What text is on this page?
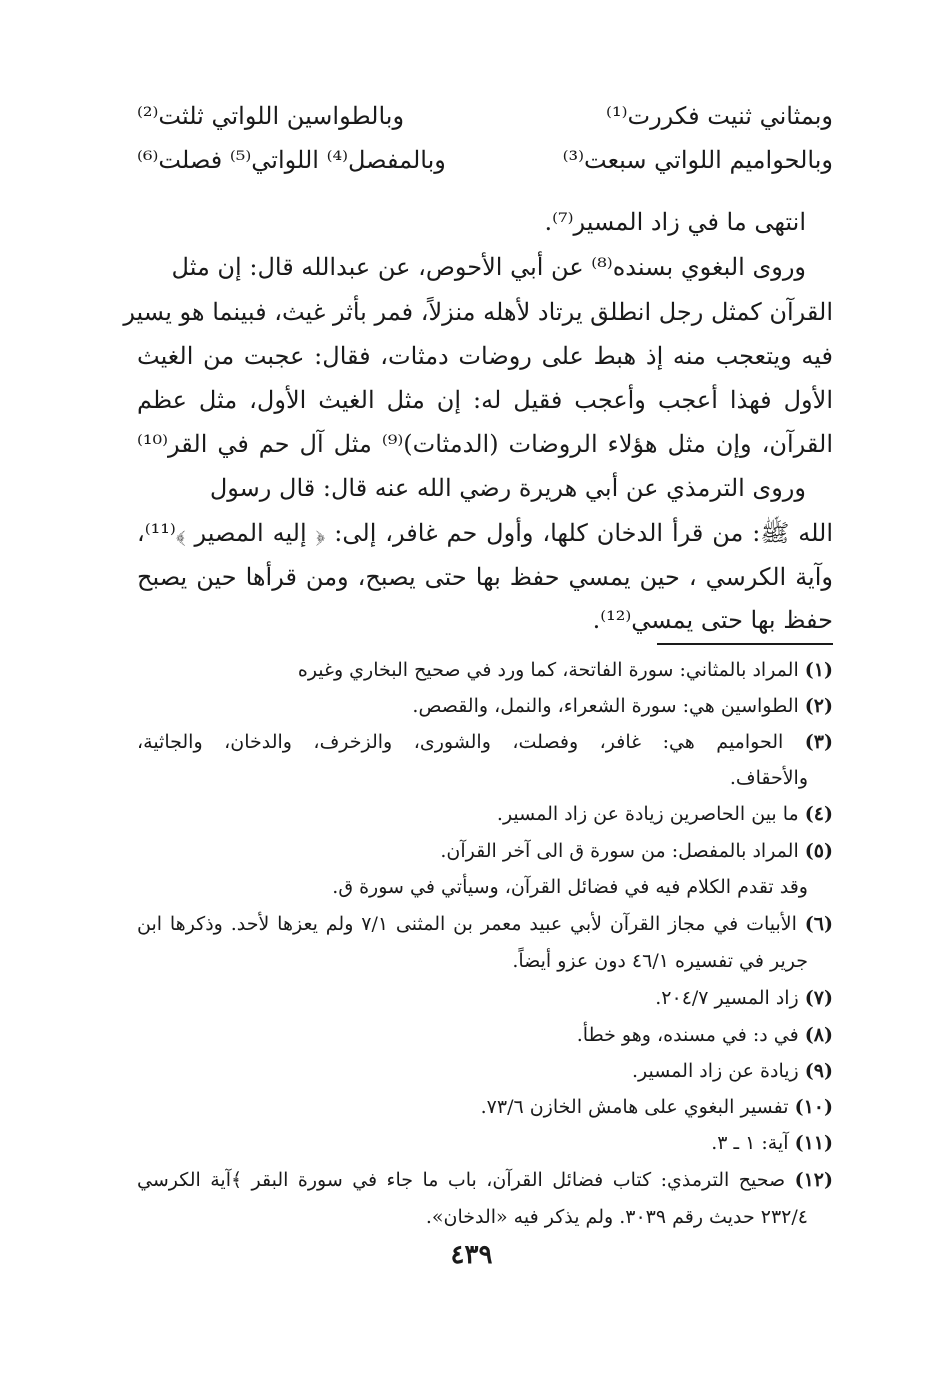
وبمثاني ثنيت فكررت⁽¹⁾
وبالطواسين اللواتي ثلثت⁽²⁾
وبالحواميم اللواتي سبعت⁽³⁾
وبالمفصل⁽⁴⁾ اللواتي⁽⁵⁾ فصلت⁽⁶⁾
انتهى ما في زاد المسير⁽⁷⁾.
وروى البغوي بسنده⁽⁸⁾ عن أبي الأحوص، عن عبدالله قال: إن مثل
القرآن كمثل رجل انطلق يرتاد لأهله منزلاً، فمر بأثر غيث، فبينما هو يسير
فيه ويتعجب منه إذ هبط على روضات دمثات، فقال: عجبت من الغيث
الأول فهذا أعجب وأعجب فقيل له: إن مثل الغيث الأول، مثل عظم
القرآن، وإن مثل هؤلاء الروضات (الدمثات)⁽⁹⁾ مثل آل حم في القر⁽¹⁰⁾
وروى الترمذي عن أبي هريرة رضي الله عنه قال: قال رسول
الله ﷺ: من قرأ الدخان كلها، وأول حم غافر، إلى: ﴿ إليه المصير ﴾⁽¹¹⁾،
وآية الكرسي ، حين يمسي حفظ بها حتى يصبح، ومن قرأها حين يصبح
حفظ بها حتى يمسي⁽¹²⁾.
(١) المراد بالمثاني: سورة الفاتحة، كما ورد في صحيح البخاري وغيره
(٢) الطواسين هي: سورة الشعراء، والنمل، والقصص.
(٣) الحواميم هي: غافر، وفصلت، والشورى، والزخرف، والدخان، والجاثية،
والأحقاف.
(٤) ما بين الحاصرين زيادة عن زاد المسير.
(٥) المراد بالمفصل: من سورة ق الى آخر القرآن.
وقد تقدم الكلام فيه في فضائل القرآن، وسيأتي في سورة ق.
(٦) الأبيات في مجاز القرآن لأبي عبيد معمر بن المثنى ٧/١ ولم يعزها لأحد. وذكرها ابن
جرير في تفسيره ٤٦/١ دون عزو أيضاً.
(٧) زاد المسير ٢٠٤/٧.
(٨) في د: في مسنده، وهو خطأ.
(٩) زيادة عن زاد المسير.
(١٠) تفسير البغوي على هامش الخازن ٧٣/٦.
(١١) آية: ١ ـ ٣.
(١٢) صحيح الترمذي: كتاب فضائل القرآن، باب ما جاء في سورة البقر ﴾آية الكرسي
٢٣٢/٤ حديث رقم ٣٠٣٩. ولم يذكر فيه «الدخان».
٤٣٩
